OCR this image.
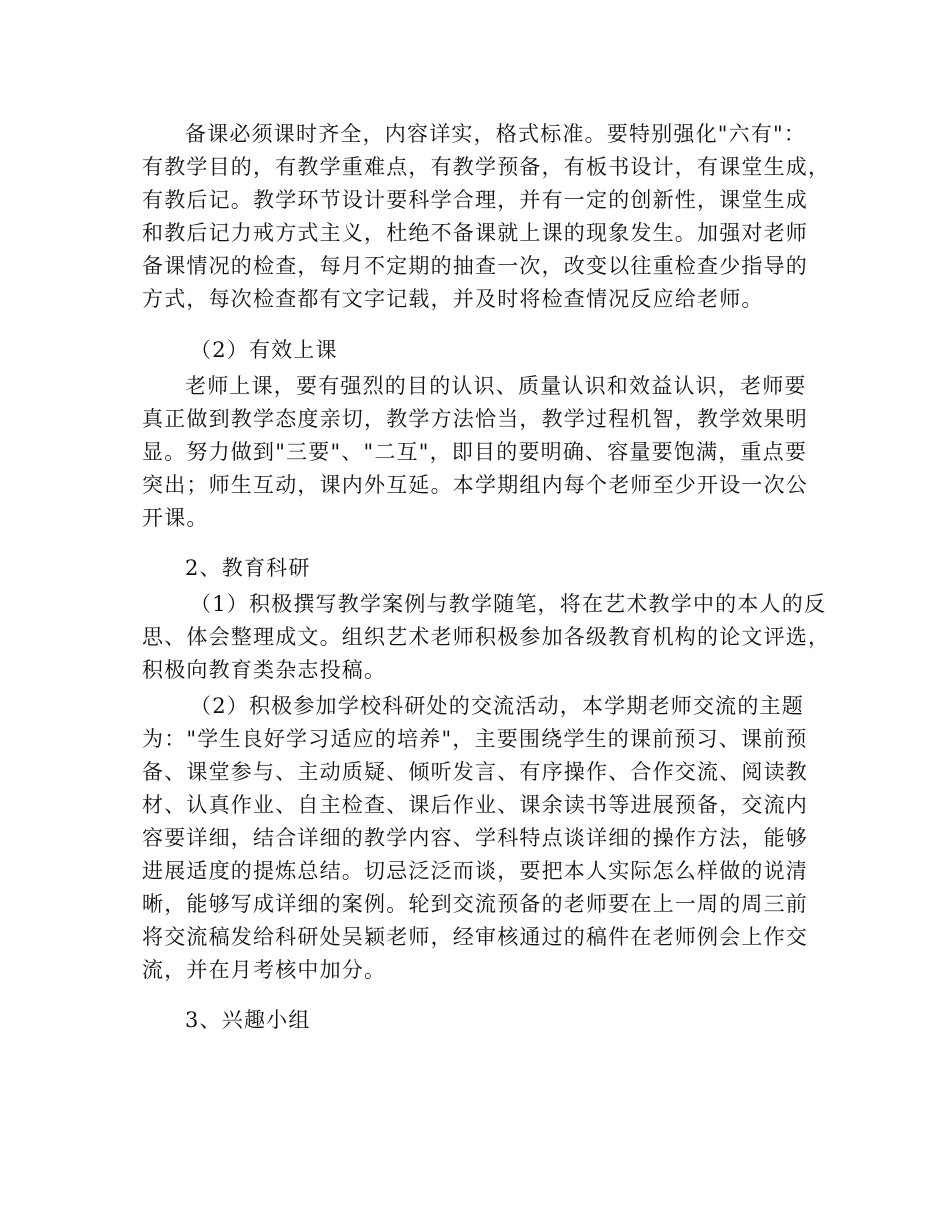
备课必须课时齐全，内容详实，格式标准。要特别强化"六有"：
有教学目的，有教学重难点，有教学预备，有板书设计，有课堂生成，
有教后记。教学环节设计要科学合理，并有一定的创新性，课堂生成
和教后记力戒方式主义，杜绝不备课就上课的现象发生。加强对老师
备课情况的检查，每月不定期的抽查一次，改变以往重检查少指导的
方式，每次检查都有文字记载，并及时将检查情况反应给老师。
（2）有效上课
老师上课，要有强烈的目的认识、质量认识和效益认识，老师要
真正做到教学态度亲切，教学方法恰当，教学过程机智，教学效果明
显。努力做到"三要"、"二互"，即目的要明确、容量要饱满，重点要
突出；师生互动，课内外互延。本学期组内每个老师至少开设一次公
开课。
2、教育科研
（1）积极撰写教学案例与教学随笔，将在艺术教学中的本人的反
思、体会整理成文。组织艺术老师积极参加各级教育机构的论文评选，
积极向教育类杂志投稿。
（2）积极参加学校科研处的交流活动，本学期老师交流的主题
为："学生良好学习适应的培养"，主要围绕学生的课前预习、课前预
备、课堂参与、主动质疑、倾听发言、有序操作、合作交流、阅读教
材、认真作业、自主检查、课后作业、课余读书等进展预备，交流内
容要详细，结合详细的教学内容、学科特点谈详细的操作方法，能够
进展适度的提炼总结。切忌泛泛而谈，要把本人实际怎么样做的说清
晰，能够写成详细的案例。轮到交流预备的老师要在上一周的周三前
将交流稿发给科研处吴颖老师，经审核通过的稿件在老师例会上作交
流，并在月考核中加分。
3、兴趣小组
